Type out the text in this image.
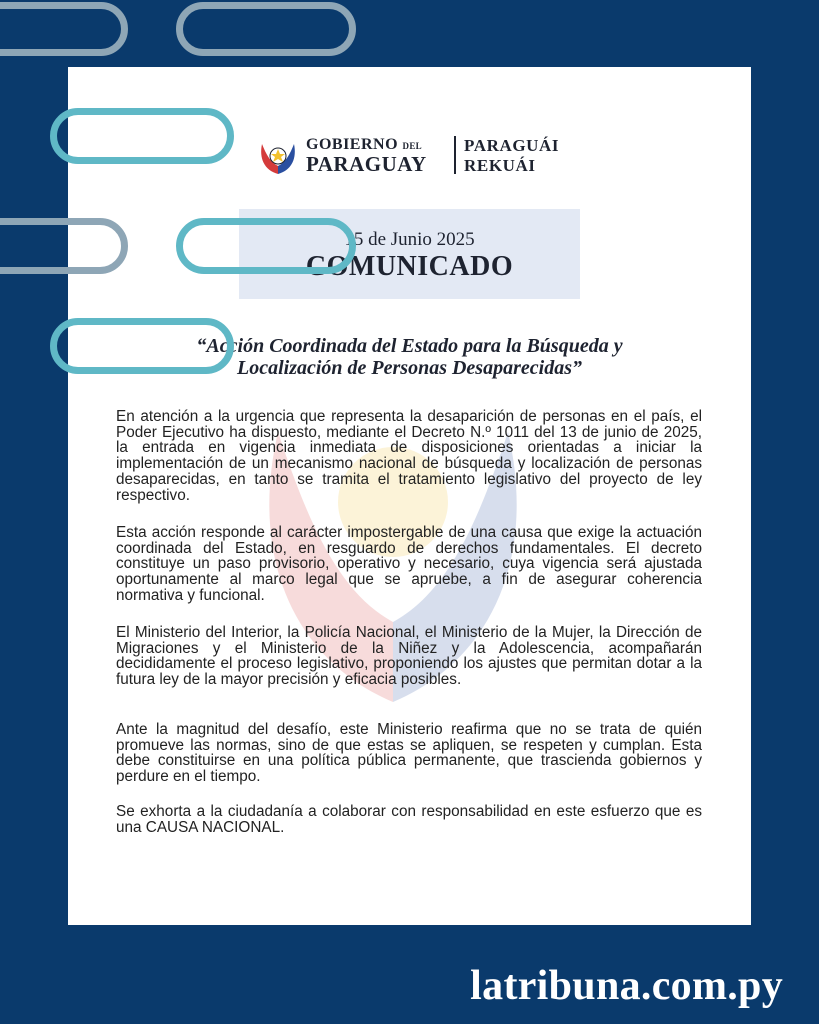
GOBIERNO DEL
PARAGUAY
PARAGUÁI
REKUÁI
15 de Junio 2025
COMUNICADO
“Acción Coordinada del Estado para la Búsqueda y
Localización de Personas Desaparecidas”

En atención a la urgencia que representa la desaparición de personas en el país, el Poder Ejecutivo ha dispuesto, mediante el Decreto N.º 1011 del 13 de junio de 2025, la entrada en vigencia inmediata de disposiciones orientadas a iniciar la implementación de un mecanismo nacional de búsqueda y localización de personas desaparecidas, en tanto se tramita el tratamiento legislativo del proyecto de ley respectivo.

Esta acción responde al carácter impostergable de una causa que exige la actuación coordinada del Estado, en resguardo de derechos fundamentales. El decreto constituye un paso provisorio, operativo y necesario, cuya vigencia será ajustada oportunamente al marco legal que se apruebe, a fin de asegurar coherencia normativa y funcional.

El Ministerio del Interior, la Policía Nacional, el Ministerio de la Mujer, la Dirección de Migraciones y el Ministerio de la Niñez y la Adolescencia, acompañarán decididamente el proceso legislativo, proponiendo los ajustes que permitan dotar a la futura ley de la mayor precisión y eficacia posibles.

Ante la magnitud del desafío, este Ministerio reafirma que no se trata de quién promueve las normas, sino de que estas se apliquen, se respeten y cumplan. Esta debe constituirse en una política pública permanente, que trascienda gobiernos y perdure en el tiempo.

Se exhorta a la ciudadanía a colaborar con responsabilidad en este esfuerzo que es una CAUSA NACIONAL.

latribuna.com.py
